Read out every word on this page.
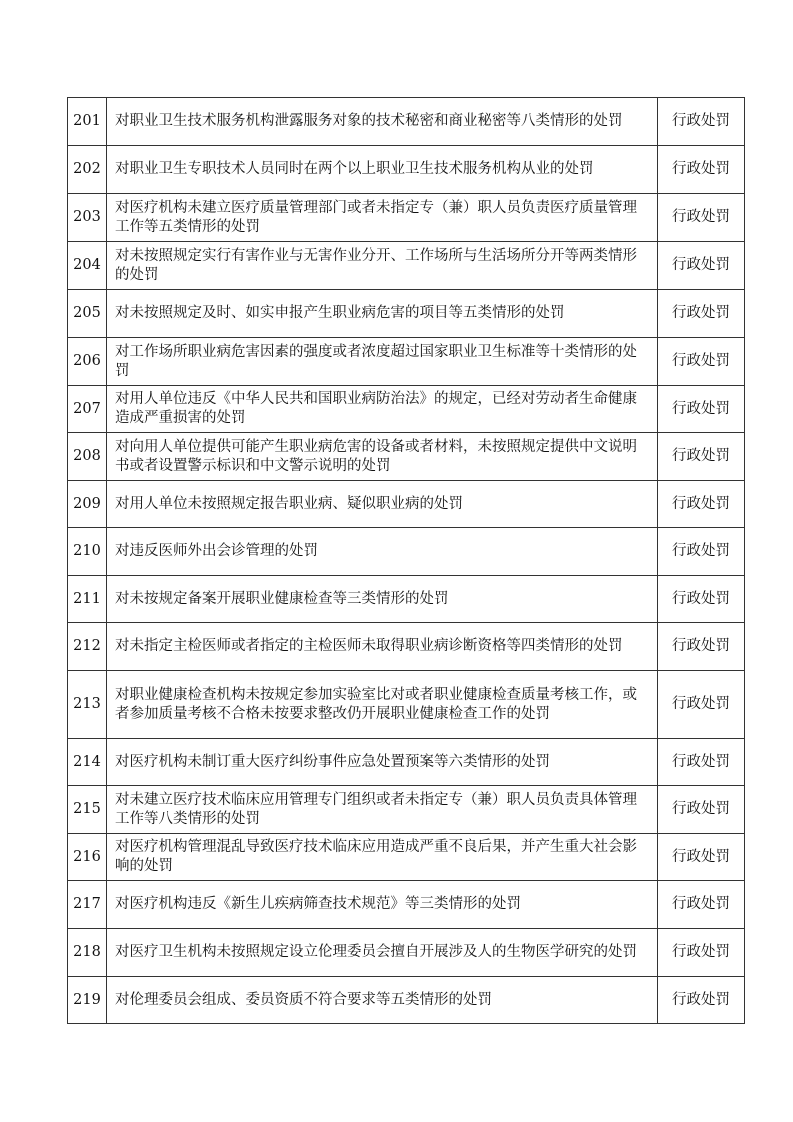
201	对职业卫生技术服务机构泄露服务对象的技术秘密和商业秘密等八类情形的处罚	行政处罚
202	对职业卫生专职技术人员同时在两个以上职业卫生技术服务机构从业的处罚	行政处罚
203	对医疗机构未建立医疗质量管理部门或者未指定专（兼）职人员负责医疗质量管理工作等五类情形的处罚	行政处罚
204	对未按照规定实行有害作业与无害作业分开、工作场所与生活场所分开等两类情形的处罚	行政处罚
205	对未按照规定及时、如实申报产生职业病危害的项目等五类情形的处罚	行政处罚
206	对工作场所职业病危害因素的强度或者浓度超过国家职业卫生标准等十类情形的处罚	行政处罚
207	对用人单位违反《中华人民共和国职业病防治法》的规定，已经对劳动者生命健康造成严重损害的处罚	行政处罚
208	对向用人单位提供可能产生职业病危害的设备或者材料，未按照规定提供中文说明书或者设置警示标识和中文警示说明的处罚	行政处罚
209	对用人单位未按照规定报告职业病、疑似职业病的处罚	行政处罚
210	对违反医师外出会诊管理的处罚	行政处罚
211	对未按规定备案开展职业健康检查等三类情形的处罚	行政处罚
212	对未指定主检医师或者指定的主检医师未取得职业病诊断资格等四类情形的处罚	行政处罚
213	对职业健康检查机构未按规定参加实验室比对或者职业健康检查质量考核工作，或者参加质量考核不合格未按要求整改仍开展职业健康检查工作的处罚	行政处罚
214	对医疗机构未制订重大医疗纠纷事件应急处置预案等六类情形的处罚	行政处罚
215	对未建立医疗技术临床应用管理专门组织或者未指定专（兼）职人员负责具体管理工作等八类情形的处罚	行政处罚
216	对医疗机构管理混乱导致医疗技术临床应用造成严重不良后果，并产生重大社会影响的处罚	行政处罚
217	对医疗机构违反《新生儿疾病筛查技术规范》等三类情形的处罚	行政处罚
218	对医疗卫生机构未按照规定设立伦理委员会擅自开展涉及人的生物医学研究的处罚	行政处罚
219	对伦理委员会组成、委员资质不符合要求等五类情形的处罚	行政处罚
